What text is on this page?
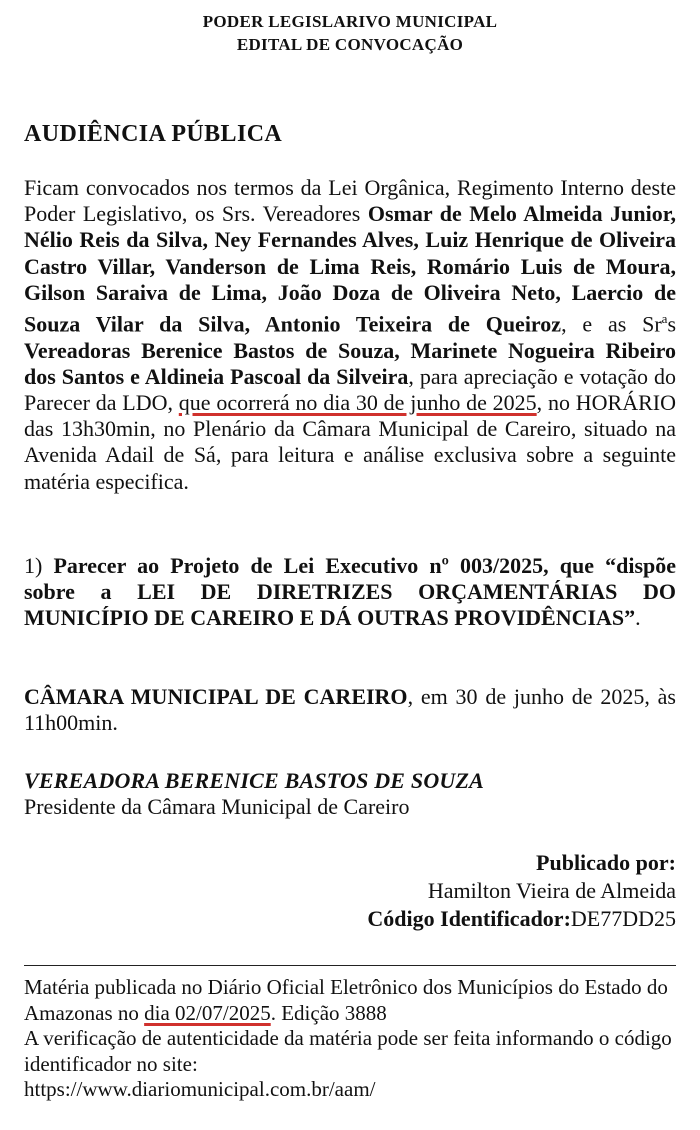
PODER LEGISLARIVO MUNICIPAL
EDITAL DE CONVOCAÇÃO
AUDIÊNCIA PÚBLICA
Ficam convocados nos termos da Lei Orgânica, Regimento Interno deste Poder Legislativo, os Srs. Vereadores Osmar de Melo Almeida Junior, Nélio Reis da Silva, Ney Fernandes Alves, Luiz Henrique de Oliveira Castro Villar, Vanderson de Lima Reis, Romário Luis de Moura, Gilson Saraiva de Lima, João Doza de Oliveira Neto, Laercio de Souza Vilar da Silva, Antonio Teixeira de Queiroz, e as Sr$^a$s Vereadoras Berenice Bastos de Souza, Marinete Nogueira Ribeiro dos Santos e Aldineia Pascoal da Silveira, para apreciação e votação do Parecer da LDO, que ocorrerá no dia 30 de junho de 2025, no HORÁRIO das 13h30min, no Plenário da Câmara Municipal de Careiro, situado na Avenida Adail de Sá, para leitura e análise exclusiva sobre a seguinte matéria especifica.
1) Parecer ao Projeto de Lei Executivo nº 003/2025, que “dispõe sobre a LEI DE DIRETRIZES ORÇAMENTÁRIAS DO MUNICÍPIO DE CAREIRO E DÁ OUTRAS PROVIDÊNCIAS”.
CÂMARA MUNICIPAL DE CAREIRO, em 30 de junho de 2025, às 11h00min.
VEREADORA BERENICE BASTOS DE SOUZA
Presidente da Câmara Municipal de Careiro
Publicado por:
Hamilton Vieira de Almeida
Código Identificador:DE77DD25
Matéria publicada no Diário Oficial Eletrônico dos Municípios do Estado do Amazonas no dia 02/07/2025. Edição 3888
A verificação de autenticidade da matéria pode ser feita informando o código identificador no site:
https://www.diariomunicipal.com.br/aam/
